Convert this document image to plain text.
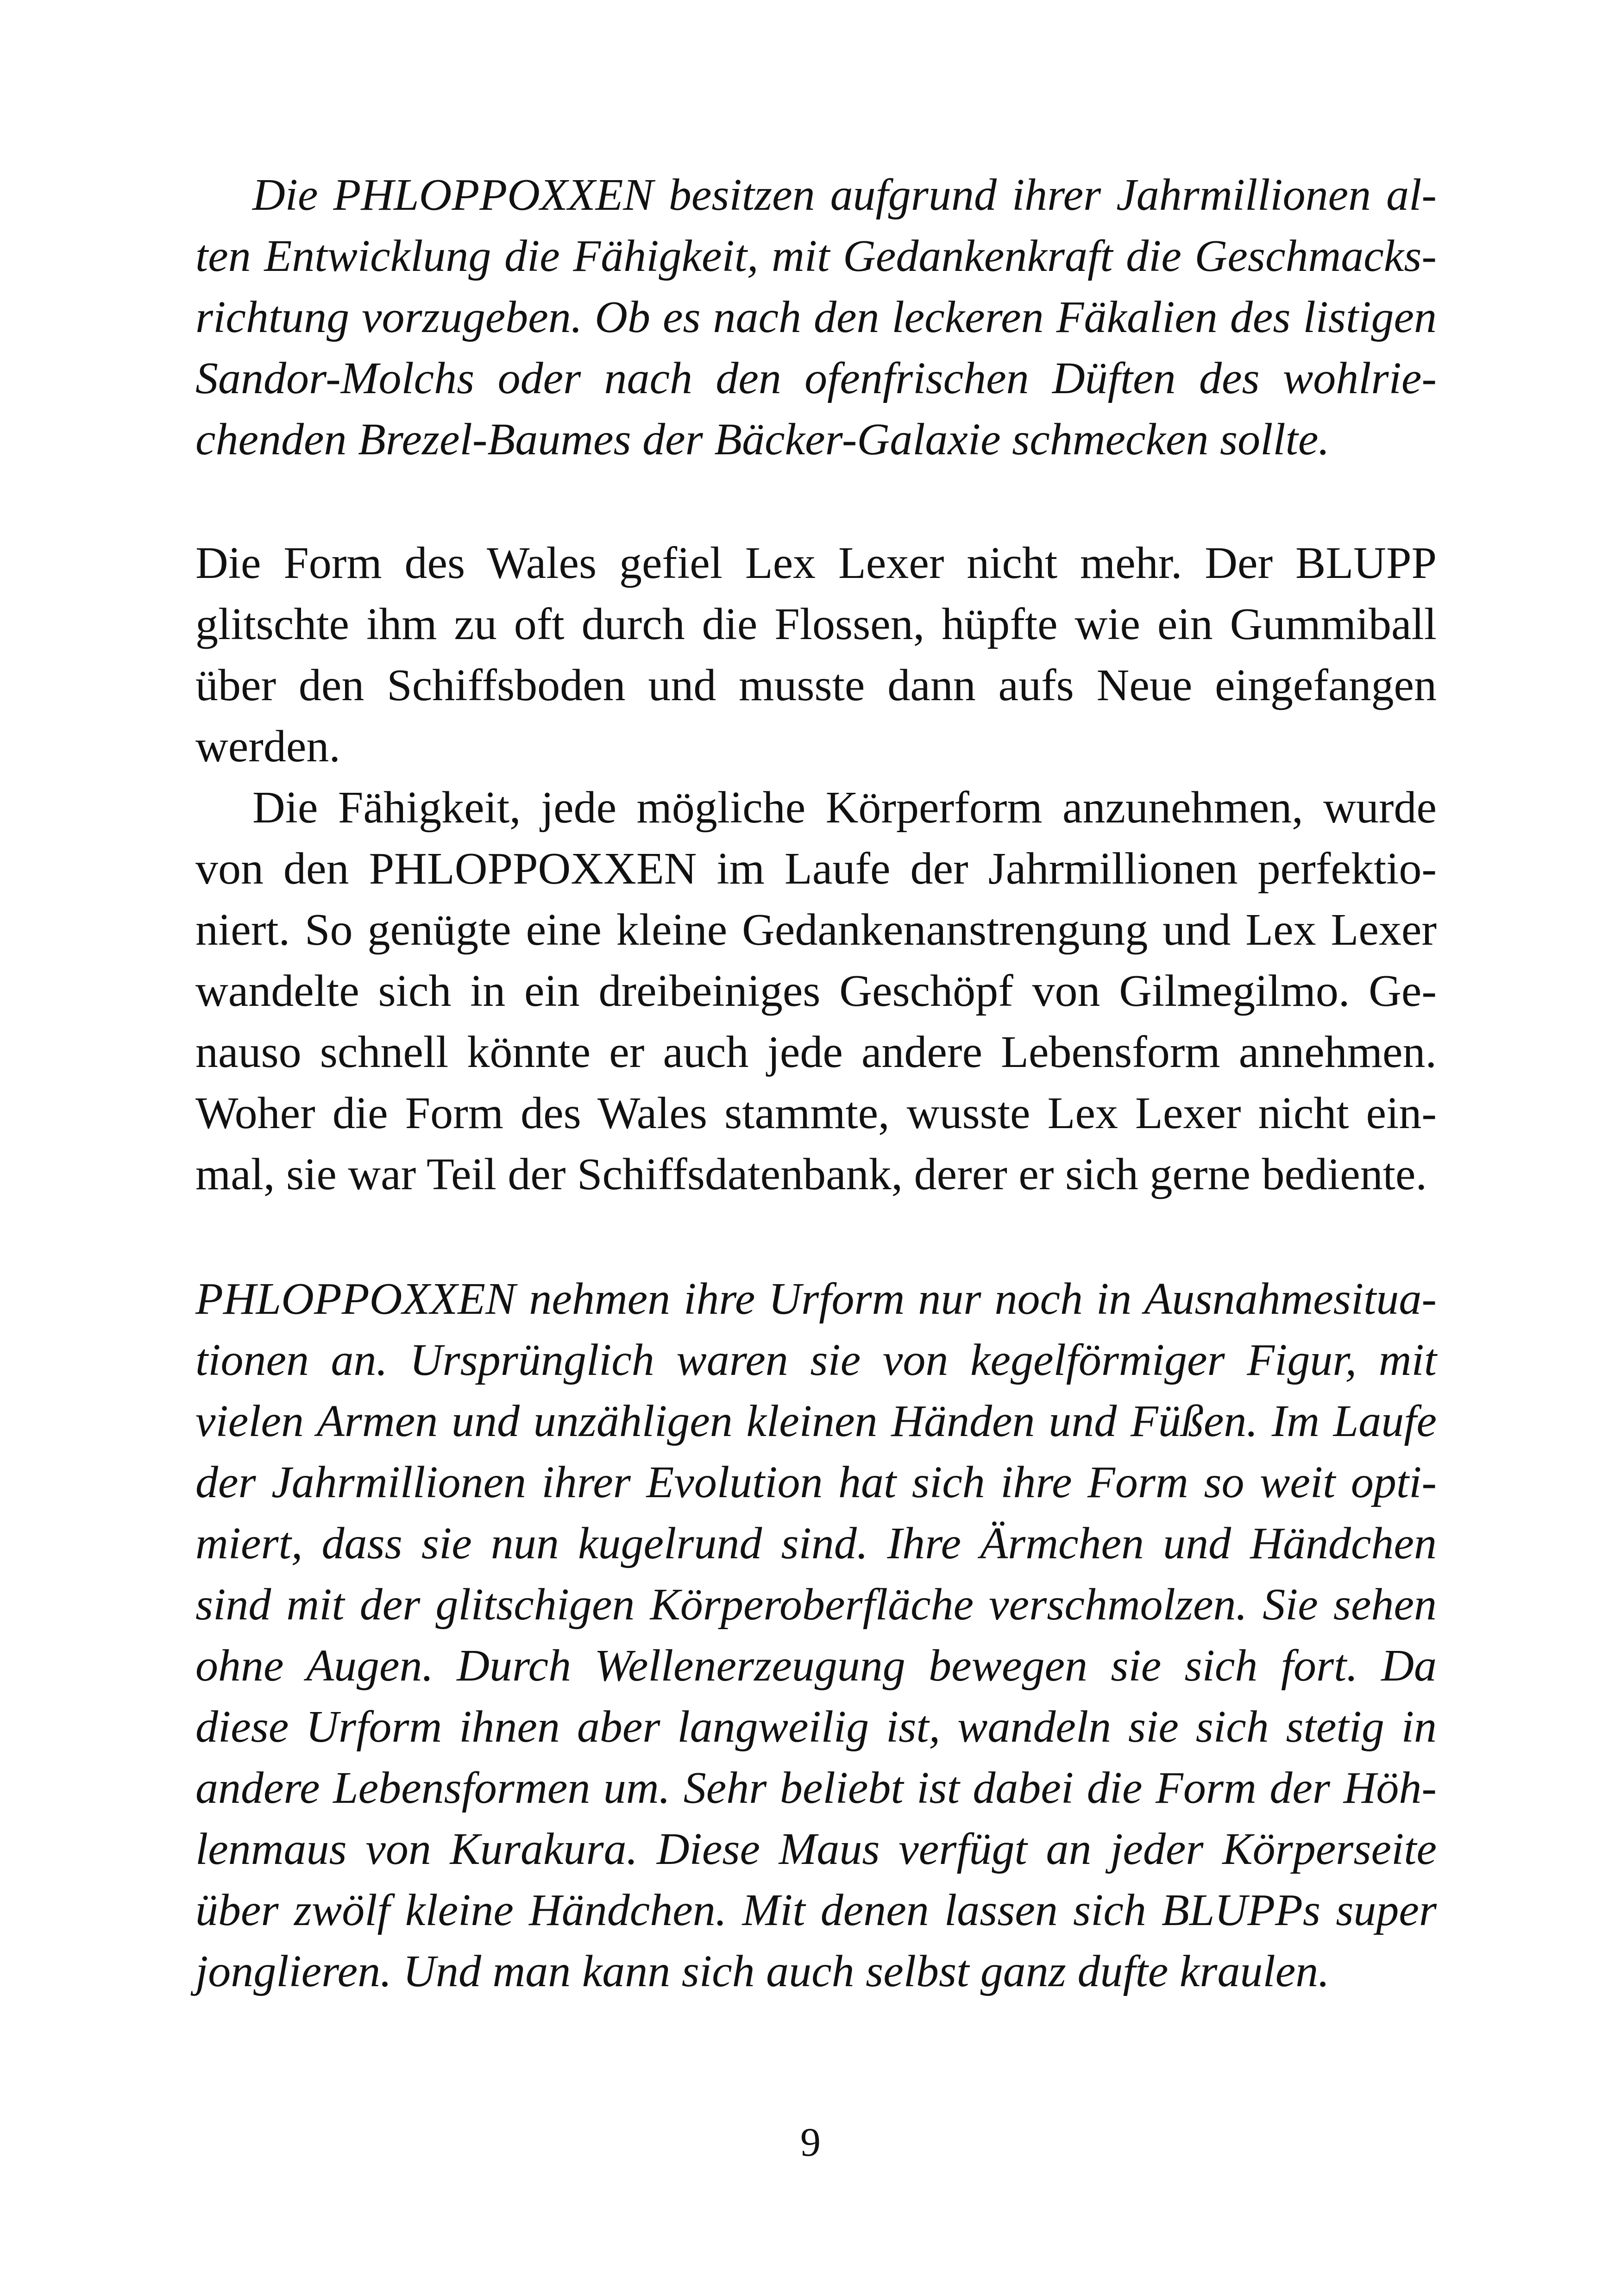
Die PHLOPPOXXEN besitzen aufgrund ihrer Jahrmillionen al-
ten Entwicklung die Fähigkeit, mit Gedankenkraft die Geschmacks-
richtung vorzugeben. Ob es nach den leckeren Fäkalien des listigen
Sandor-Molchs oder nach den ofenfrischen Düften des wohlrie-
chenden Brezel-Baumes der Bäcker-Galaxie schmecken sollte.
Die Form des Wales gefiel Lex Lexer nicht mehr. Der BLUPP
glitschte ihm zu oft durch die Flossen, hüpfte wie ein Gummiball
über den Schiffsboden und musste dann aufs Neue eingefangen
werden.
Die Fähigkeit, jede mögliche Körperform anzunehmen, wurde
von den PHLOPPOXXEN im Laufe der Jahrmillionen perfektio-
niert. So genügte eine kleine Gedankenanstrengung und Lex Lexer
wandelte sich in ein dreibeiniges Geschöpf von Gilmegilmo. Ge-
nauso schnell könnte er auch jede andere Lebensform annehmen.
Woher die Form des Wales stammte, wusste Lex Lexer nicht ein-
mal, sie war Teil der Schiffsdatenbank, derer er sich gerne bediente.
PHLOPPOXXEN nehmen ihre Urform nur noch in Ausnahmesitua-
tionen an. Ursprünglich waren sie von kegelförmiger Figur, mit
vielen Armen und unzähligen kleinen Händen und Füßen. Im Laufe
der Jahrmillionen ihrer Evolution hat sich ihre Form so weit opti-
miert, dass sie nun kugelrund sind. Ihre Ärmchen und Händchen
sind mit der glitschigen Körperoberfläche verschmolzen. Sie sehen
ohne Augen. Durch Wellenerzeugung bewegen sie sich fort. Da
diese Urform ihnen aber langweilig ist, wandeln sie sich stetig in
andere Lebensformen um. Sehr beliebt ist dabei die Form der Höh-
lenmaus von Kurakura. Diese Maus verfügt an jeder Körperseite
über zwölf kleine Händchen. Mit denen lassen sich BLUPPs super
jonglieren. Und man kann sich auch selbst ganz dufte kraulen.
9
